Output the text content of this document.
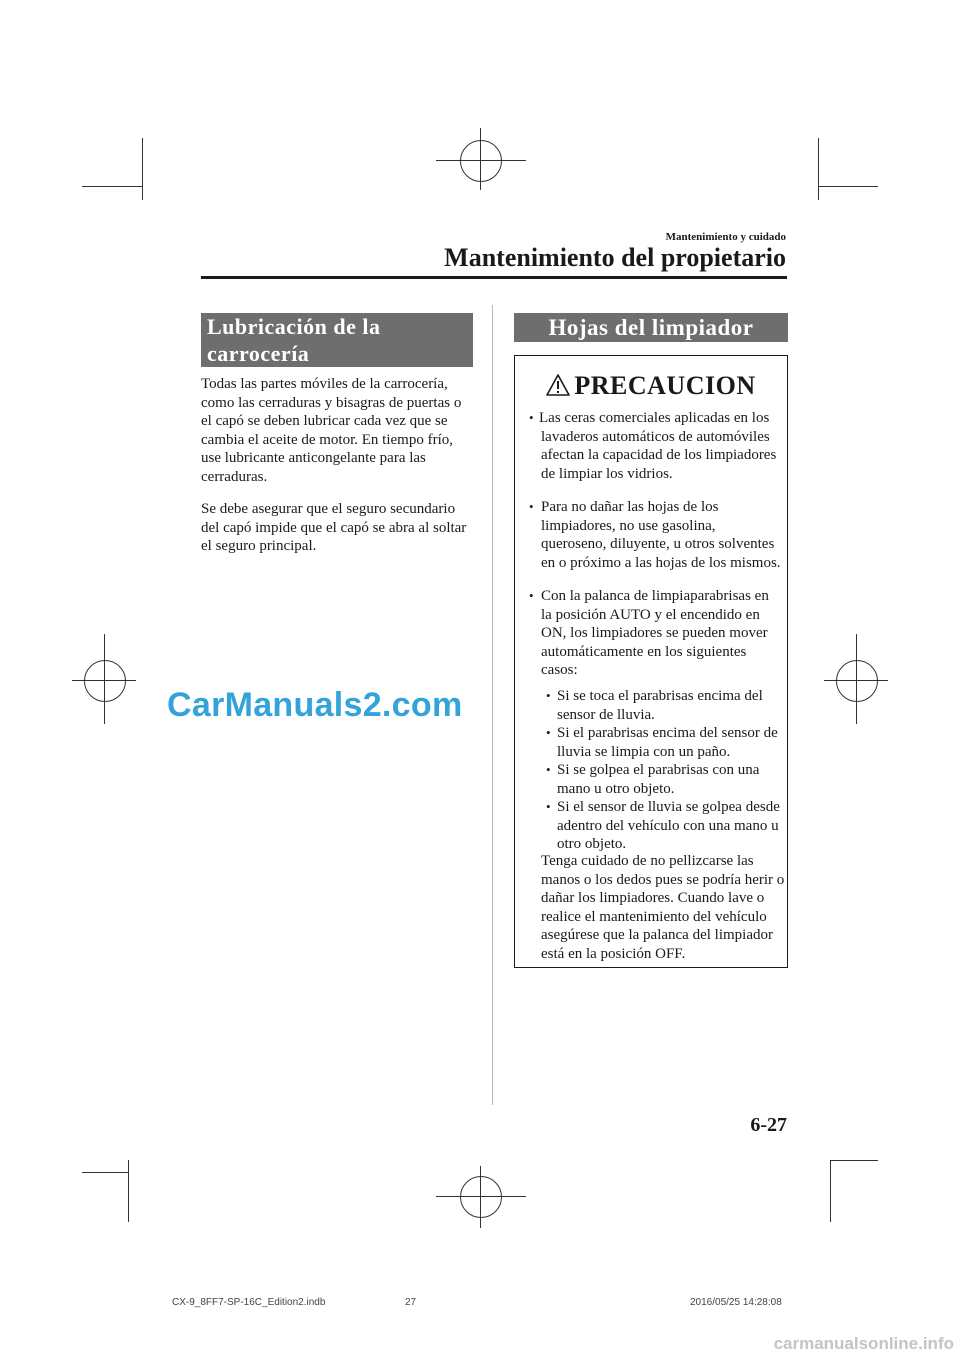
Mantenimiento y cuidado
Mantenimiento del propietario
Lubricación de la
carrocería

Todas las partes móviles de la carrocería, como las cerraduras y bisagras de puertas o el capó se deben lubricar cada vez que se cambia el aceite de motor. En tiempo frío, use lubricante anticongelante para las cerraduras.

Se debe asegurar que el seguro secundario del capó impide que el capó se abra al soltar el seguro principal.

Hojas del limpiador
PRECAUCION
• Las ceras comerciales aplicadas en los lavaderos automáticos de automóviles afectan la capacidad de los limpiadores de limpiar los vidrios.
• Para no dañar las hojas de los limpiadores, no use gasolina, queroseno, diluyente, u otros solventes en o próximo a las hojas de los mismos.
• Con la palanca de limpiaparabrisas en la posición AUTO y el encendido en ON, los limpiadores se pueden mover automáticamente en los siguientes casos:
• Si se toca el parabrisas encima del sensor de lluvia.
• Si el parabrisas encima del sensor de lluvia se limpia con un paño.
• Si se golpea el parabrisas con una mano u otro objeto.
• Si el sensor de lluvia se golpea desde adentro del vehículo con una mano u otro objeto.
Tenga cuidado de no pellizcarse las manos o los dedos pues se podría herir o dañar los limpiadores. Cuando lave o realice el mantenimiento del vehículo asegúrese que la palanca del limpiador está en la posición OFF.
CarManuals2.com
6-27
CX-9_8FF7-SP-16C_Edition2.indb	27	2016/05/25 14:28:08
carmanualsonline.info
